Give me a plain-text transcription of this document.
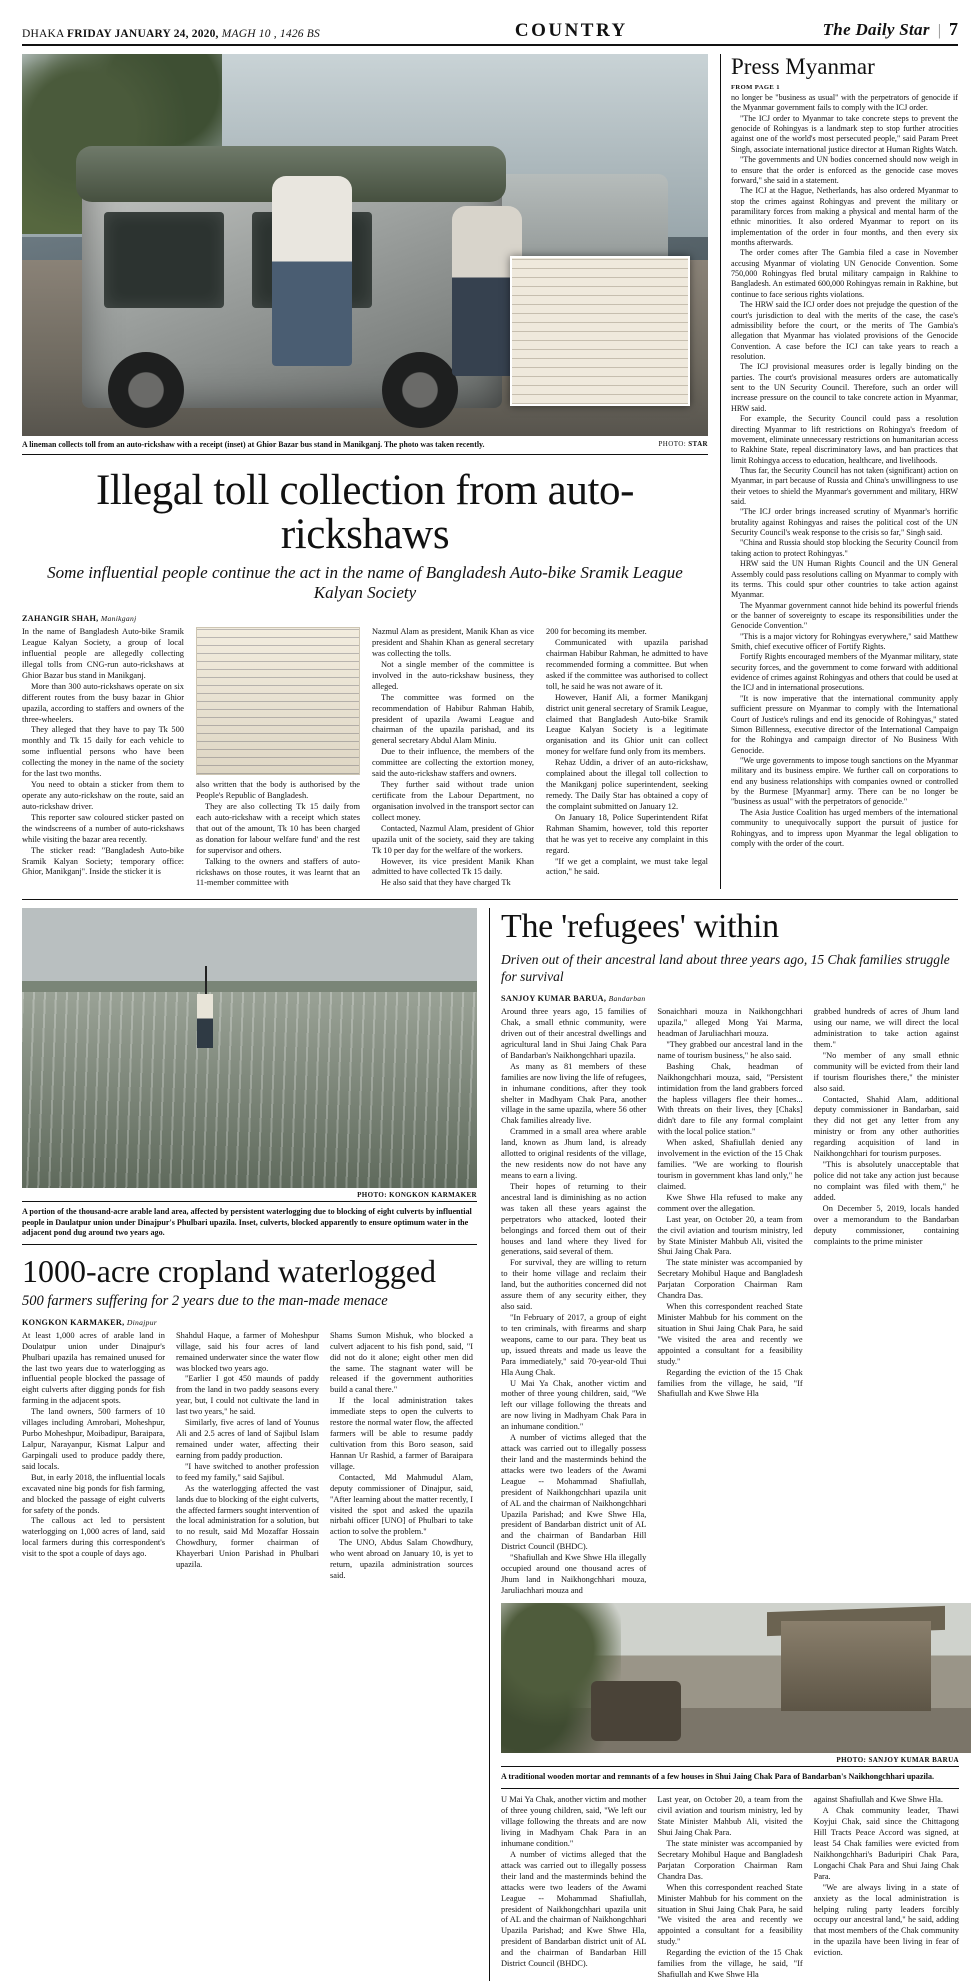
DHAKA FRIDAY JANUARY 24, 2020, MAGH 10 , 1426 BS	COUNTRY	The Daily Star | 7
A lineman collects toll from an auto-rickshaw with a receipt (inset) at Ghior Bazar bus stand in Manikganj. The photo was taken recently.	PHOTO: STAR
Illegal toll collection from auto-rickshaws
Some influential people continue the act in the name of Bangladesh Auto-bike Sramik League Kalyan Society
ZAHANGIR SHAH, Manikganj

In the name of Bangladesh Auto-bike Sramik League Kalyan Society, a group of local influential people are allegedly collecting illegal tolls from CNG-run auto-rickshaws at Ghior Bazar bus stand in Manikganj.

More than 300 auto-rickshaws operate on six different routes from the busy bazar in Ghior upazila, according to staffers and owners of the three-wheelers.

They alleged that they have to pay Tk 500 monthly and Tk 15 daily for each vehicle to some influential persons who have been collecting the money in the name of the society for the last two months.

You need to obtain a sticker from them to operate any auto-rickshaw on the route, said an auto-rickshaw driver.

This reporter saw coloured sticker pasted on the windscreens of a number of auto-rickshaws while visiting the bazar area recently.

The sticker read: "Bangladesh Auto-bike Sramik Kalyan Society; temporary office: Ghior, Manikganj". Inside the sticker it is

also written that the body is authorised by the People's Republic of Bangladesh.

They are also collecting Tk 15 daily from each auto-rickshaw with a receipt which states that out of the amount, Tk 10 has been charged as donation for labour welfare fund' and the rest for supervisor and others.

Talking to the owners and staffers of auto-rickshaws on those routes, it was learnt that an 11-member committee with

Nazmul Alam as president, Manik Khan as vice president and Shahin Khan as general secretary was collecting the tolls.

Not a single member of the committee is involved in the auto-rickshaw business, they alleged.

The committee was formed on the recommendation of Habibur Rahman Habib, president of upazila Awami League and chairman of the upazila parishad, and its general secretary Abdul Alam Miniu.

Due to their influence, the members of the committee are collecting the extortion money, said the auto-rickshaw staffers and owners.

They further said without trade union certificate from the Labour Department, no organisation involved in the transport sector can collect money.

Contacted, Nazmul Alam, president of Ghior upazila unit of the society, said they are taking Tk 10 per day for the welfare of the workers.

However, its vice president Manik Khan admitted to have collected Tk 15 daily.

He also said that they have charged Tk

200 for becoming its member.

Communicated with upazila parishad chairman Habibur Rahman, he admitted to have recommended forming a committee. But when asked if the committee was authorised to collect toll, he said he was not aware of it.

However, Hanif Ali, a former Manikganj district unit general secretary of Sramik League, claimed that Bangladesh Auto-bike Sramik League Kalyan Society is a legitimate organisation and its Ghior unit can collect money for welfare fund only from its members.

Rehaz Uddin, a driver of an auto-rickshaw, complained about the illegal toll collection to the Manikganj police superintendent, seeking remedy. The Daily Star has obtained a copy of the complaint submitted on January 12.

On January 18, Police Superintendent Rifat Rahman Shamim, however, told this reporter that he was yet to receive any complaint in this regard.

"If we get a complaint, we must take legal action," he said.

Press Myanmar
FROM PAGE 1

no longer be "business as usual" with the perpetrators of genocide if the Myanmar government fails to comply with the ICJ order.

"The ICJ order to Myanmar to take concrete steps to prevent the genocide of Rohingyas is a landmark step to stop further atrocities against one of the world's most persecuted people," said Param Preet Singh, associate international justice director at Human Rights Watch.

"The governments and UN bodies concerned should now weigh in to ensure that the order is enforced as the genocide case moves forward," she said in a statement.

The ICJ at the Hague, Netherlands, has also ordered Myanmar to stop the crimes against Rohingyas and prevent the military or paramilitary forces from making a physical and mental harm of the ethnic minorities. It also ordered Myanmar to report on its implementation of the order in four months, and then every six months afterwards.

The order comes after The Gambia filed a case in November accusing Myanmar of violating UN Genocide Convention. Some 750,000 Rohingyas fled brutal military campaign in Rakhine to Bangladesh. An estimated 600,000 Rohingyas remain in Rakhine, but continue to face serious rights violations.

The HRW said the ICJ order does not prejudge the question of the court's jurisdiction to deal with the merits of the case, the case's admissibility before the court, or the merits of The Gambia's allegation that Myanmar has violated provisions of the Genocide Convention. A case before the ICJ can take years to reach a resolution.

The ICJ provisional measures order is legally binding on the parties. The court's provisional measures orders are automatically sent to the UN Security Council. Therefore, such an order will increase pressure on the council to take concrete action in Myanmar, HRW said.

For example, the Security Council could pass a resolution directing Myanmar to lift restrictions on Rohingya's freedom of movement, eliminate unnecessary restrictions on humanitarian access to Rakhine State, repeal discriminatory laws, and ban practices that limit Rohingya access to education, healthcare, and livelihoods.

Thus far, the Security Council has not taken (significant) action on Myanmar, in part because of Russia and China's unwillingness to use their vetoes to shield the Myanmar's government and military, HRW said.

"The ICJ order brings increased scrutiny of Myanmar's horrific brutality against Rohingyas and raises the political cost of the UN Security Council's weak response to the crisis so far," Singh said.

"China and Russia should stop blocking the Security Council from taking action to protect Rohingyas."

HRW said the UN Human Rights Council and the UN General Assembly could pass resolutions calling on Myanmar to comply with its terms. This could spur other countries to take action against Myanmar.

The Myanmar government cannot hide behind its powerful friends or the banner of sovereignty to escape its responsibilities under the Genocide Convention."

"This is a major victory for Rohingyas everywhere," said Matthew Smith, chief executive officer of Fortify Rights.

Fortify Rights encouraged members of the Myanmar military, state security forces, and the government to come forward with additional evidence of crimes against Rohingyas and others that could be used at the ICJ and in international prosecutions.

"It is now imperative that the international community apply sufficient pressure on Myanmar to comply with the International Court of Justice's rulings and end its genocide of Rohingyas," stated Simon Billenness, executive director of the International Campaign for the Rohingya and campaign director of No Business With Genocide.

"We urge governments to impose tough sanctions on the Myanmar military and its business empire. We further call on corporations to end any business relationships with companies owned or controlled by the Burmese [Myanmar] army. There can be no longer be "business as usual" with the perpetrators of genocide."

The Asia Justice Coalition has urged members of the international community to unequivocally support the pursuit of justice for Rohingyas, and to impress upon Myanmar the legal obligation to comply with the order of the court.

PHOTO: KONGKON KARMAKER
A portion of the thousand-acre arable land area, affected by persistent waterlogging due to blocking of eight culverts by influential people in Daulatpur union under Dinajpur's Phulbari upazila. Inset, culverts, blocked apparently to ensure optimum water in the adjacent pond dug around two years ago.
1000-acre cropland waterlogged
500 farmers suffering for 2 years due to the man-made menace
KONGKON KARMAKER, Dinajpur

At least 1,000 acres of arable land in Doulatpur union under Dinajpur's Phulbari upazila has remained unused for the last two years due to waterlogging as influential people blocked the passage of eight culverts after digging ponds for fish farming in the adjacent spots.

The land owners, 500 farmers of 10 villages including Amrobari, Moheshpur, Purbo Moheshpur, Moibadipur, Baraipara, Lalpur, Narayanpur, Kismat Lalpur and Garpingali used to produce paddy there, said locals.

But, in early 2018, the influential locals excavated nine big ponds for fish farming, and blocked the passage of eight culverts for safety of the ponds.

The callous act led to persistent waterlogging on 1,000 acres of land, said local farmers during this correspondent's visit to the spot a couple of days ago.

Shahdul Haque, a farmer of Moheshpur village, said his four acres of land remained underwater since the water flow was blocked two years ago.

"Earlier I got 450 maunds of paddy from the land in two paddy seasons every year, but, I could not cultivate the land in last two years," he said.

Similarly, five acres of land of Younus Ali and 2.5 acres of land of Sajibul Islam remained under water, affecting their earning from paddy production.

"I have switched to another profession to feed my family," said Sajibul.

As the waterlogging affected the vast lands due to blocking of the eight culverts, the affected farmers sought intervention of the local administration for a solution, but to no result, said Md Mozaffar Hossain Chowdhury, former chairman of Khayerbari Union Parishad in Phulbari upazila.

Shams Sumon Mishuk, who blocked a culvert adjacent to his fish pond, said, "I did not do it alone; eight other men did the same. The stagnant water will be released if the government authorities build a canal there."

If the local administration takes immediate steps to open the culverts to restore the normal water flow, the affected farmers will be able to resume paddy cultivation from this Boro season, said Hannan Ur Rashid, a farmer of Baraipara village.

Contacted, Md Mahmudul Alam, deputy commissioner of Dinajpur, said, "After learning about the matter recently, I visited the spot and asked the upazila nirbahi officer [UNO] of Phulbari to take action to solve the problem."

The UNO, Abdus Salam Chowdhury, who went abroad on January 10, is yet to return, upazila administration sources said.

The 'refugees' within
Driven out of their ancestral land about three years ago, 15 Chak families struggle for survival
SANJOY KUMAR BARUA, Bandarban

Around three years ago, 15 families of Chak, a small ethnic community, were driven out of their ancestral dwellings and agricultural land in Shui Jaing Chak Para of Bandarban's Naikhongchhari upazila.

As many as 81 members of these families are now living the life of refugees, in inhumane conditions, after they took shelter in Madhyam Chak Para, another village in the same upazila, where 56 other Chak families already live.

Crammed in a small area where arable land, known as Jhum land, is already allotted to original residents of the village, the new residents now do not have any means to earn a living.

Their hopes of returning to their ancestral land is diminishing as no action was taken all these years against the perpetrators who attacked, looted their belongings and forced them out of their houses and land where they lived for generations, said several of them.

For survival, they are willing to return to their home village and reclaim their land, but the authorities concerned did not assure them of any security either, they also said.

"In February of 2017, a group of eight to ten criminals, with firearms and sharp weapons, came to our para. They beat us up, issued threats and made us leave the Para immediately," said 70-year-old Thui Hla Aung Chak.

U Mai Ya Chak, another victim and mother of three young children, said, "We left our village following the threats and are now living in Madhyam Chak Para in an inhumane condition."

A number of victims alleged that the attack was carried out to illegally possess their land and the masterminds behind the attacks were two leaders of the Awami League -- Mohammad Shafiullah, president of Naikhongchhari upazila unit of AL and the chairman of Naikhongchhari Upazila Parishad; and Kwe Shwe Hla, president of Bandarban district unit of AL and the chairman of Bandarban Hill District Council (BHDC).

"Shafiullah and Kwe Shwe Hla illegally occupied around one thousand acres of Jhum land in Naikhongchhari mouza, Jaruliachhari mouza and

Sonaichhari mouza in Naikhongchhari upazila," alleged Mong Yai Marma, headman of Jaruliachhari mouza.

"They grabbed our ancestral land in the name of tourism business," he also said.

Bashing Chak, headman of Naikhongchhari mouza, said, "Persistent intimidation from the land grabbers forced the hapless villagers flee their homes... With threats on their lives, they [Chaks] didn't dare to file any formal complaint with the local police station."

When asked, Shafiullah denied any involvement in the eviction of the 15 Chak families. "We are working to flourish tourism in government khas land only," he claimed.

Kwe Shwe Hla refused to make any comment over the allegation.

Last year, on October 20, a team from the civil aviation and tourism ministry, led by State Minister Mahbub Ali, visited the Shui Jaing Chak Para.

The state minister was accompanied by Secretary Mohibul Haque and Bangladesh Parjatan Corporation Chairman Ram Chandra Das.

When this correspondent reached State Minister Mahbub for his comment on the situation in Shui Jaing Chak Para, he said "We visited the area and recently we appointed a consultant for a feasibility study."

Regarding the eviction of the 15 Chak families from the village, he said, "If Shafiullah and Kwe Shwe Hla

grabbed hundreds of acres of Jhum land using our name, we will direct the local administration to take action against them."

"No member of any small ethnic community will be evicted from their land if tourism flourishes there," the minister also said.

Contacted, Shahid Alam, additional deputy commissioner in Bandarban, said they did not get any letter from any ministry or from any other authorities regarding acquisition of land in Naikhongchhari for tourism purposes.

"This is absolutely unacceptable that police did not take any action just because no complaint was filed with them," he added.

On December 5, 2019, locals handed over a memorandum to the Bandarban deputy commissioner, containing complaints to the prime minister

PHOTO: SANJOY KUMAR BARUA
A traditional wooden mortar and remnants of a few houses in Shui Jaing Chak Para of Bandarban's Naikhongchhari upazila.

U Mai Ya Chak, another victim and mother of three young children, said, "We left our village following the threats and are now living in Madhyam Chak Para in an inhumane condition."

A number of victims alleged that the attack was carried out to illegally possess their land and the masterminds behind the attacks were two leaders of the Awami League -- Mohammad Shafiullah, president of Naikhongchhari upazila unit of AL and the chairman of Naikhongchhari Upazila Parishad; and Kwe Shwe Hla, president of Bandarban district unit of AL and the chairman of Bandarban Hill District Council (BHDC).

Last year, on October 20, a team from the civil aviation and tourism ministry, led by State Minister Mahbub Ali, visited the Shui Jaing Chak Para.

The state minister was accompanied by Secretary Mohibul Haque and Bangladesh Parjatan Corporation Chairman Ram Chandra Das.

When this correspondent reached State Minister Mahbub for his comment on the situation in Shui Jaing Chak Para, he said "We visited the area and recently we appointed a consultant for a feasibility study."

Regarding the eviction of the 15 Chak families from the village, he said, "If Shafiullah and Kwe Shwe Hla

against Shafiullah and Kwe Shwe Hla.

A Chak community leader, Thawi Koyjui Chak, said since the Chittagong Hill Tracts Peace Accord was signed, at least 54 Chak families were evicted from Naikhongchhari's Baduripiri Chak Para, Longachi Chak Para and Shui Jaing Chak Para.

"We are always living in a state of anxiety as the local administration is helping ruling party leaders forcibly occupy our ancestral land," he said, adding that most members of the Chak community in the upazila have been living in fear of eviction.
